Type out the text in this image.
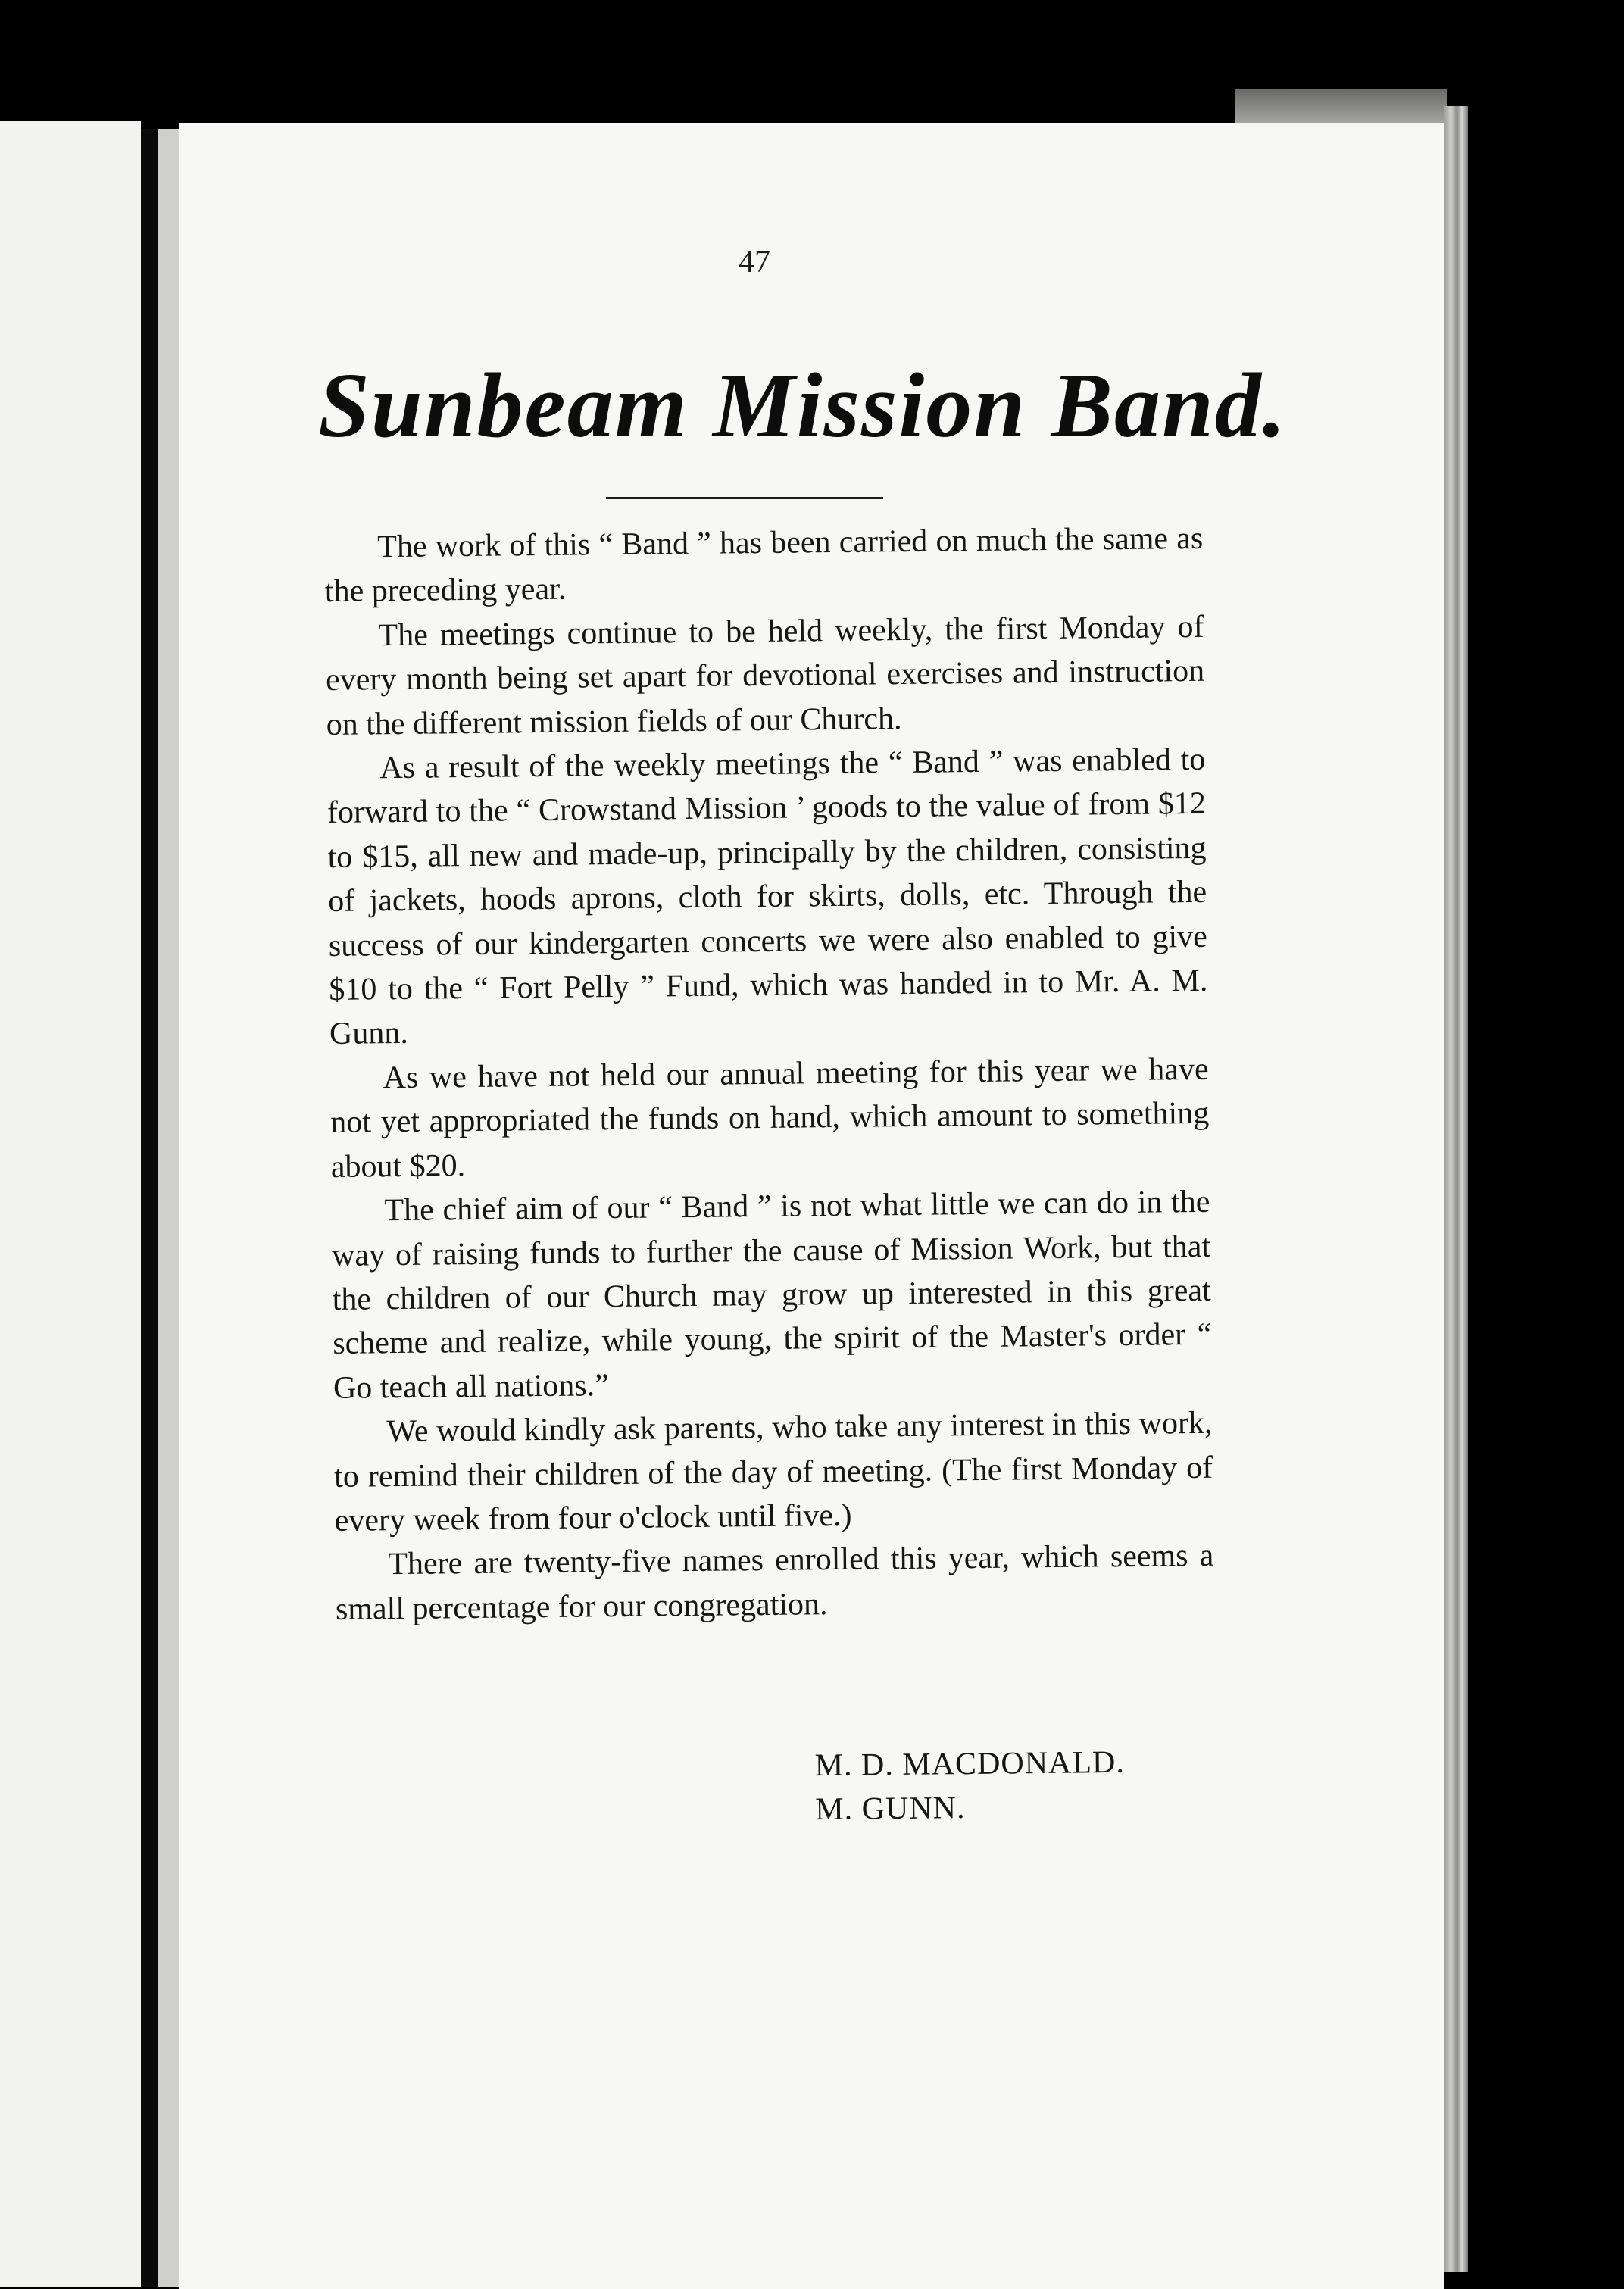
47
Sunbeam Mission Band.

The work of this “ Band ” has been carried on much the same as the preceding year.

The meetings continue to be held weekly, the first Monday of every month being set apart for devotional exercises and instruction on the different mission fields of our Church.

As a result of the weekly meetings the “ Band ” was enabled to forward to the “ Crowstand Mission ’ goods to the value of from $12 to $15, all new and made-up, principally by the children, consisting of jackets, hoods aprons, cloth for skirts, dolls, etc. Through the success of our kindergarten concerts we were also enabled to give $10 to the “ Fort Pelly ” Fund, which was handed in to Mr. A. M. Gunn.

As we have not held our annual meeting for this year we have not yet appropriated the funds on hand, which amount to something about $20.

The chief aim of our “ Band ” is not what little we can do in the way of raising funds to further the cause of Mission Work, but that the children of our Church may grow up interested in this great scheme and realize, while young, the spirit of the Master's order “ Go teach all nations.”

We would kindly ask parents, who take any interest in this work, to remind their children of the day of meeting. (The first Monday of every week from four o'clock until five.)

There are twenty-five names enrolled this year, which seems a small percentage for our congregation.

M. D. MACDONALD.
M. GUNN.
